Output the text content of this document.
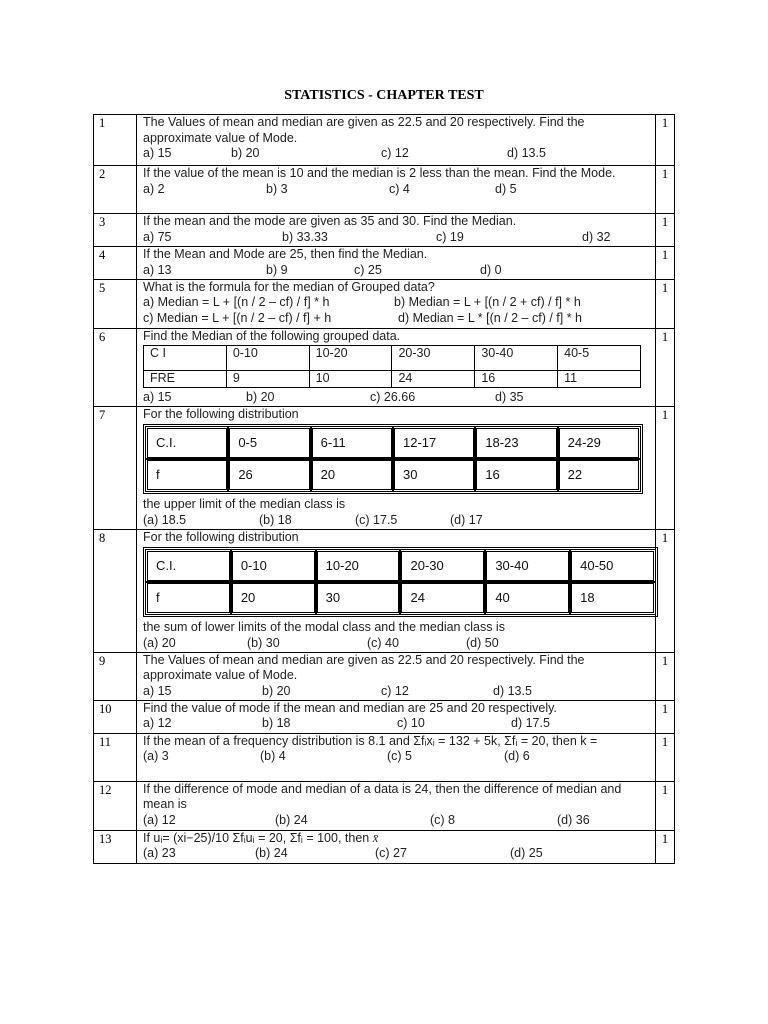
STATISTICS - CHAPTER TEST
1	The Values of mean and median are given as 22.5 and 20 respectively. Find the approximate value of Mode.
a) 15	b) 20	c) 12	d) 13.5
	1
2	If the value of the mean is 10 and the median is 2 less than the mean. Find the Mode.
a) 2	b) 3	c) 4	d) 5
	1
3	If the mean and the mode are given as 35 and 30. Find the Median.
a) 75	b) 33.33	c) 19	d) 32
	1
4	If the Mean and Mode are 25, then find the Median.
a) 13	b) 9	c) 25	d) 0
	1
5	What is the formula for the median of Grouped data?
a) Median = L + [(n / 2 – cf) / f] * h	b) Median = L + [(n / 2 + cf) / f] * h
c) Median = L + [(n / 2 – cf) / f] + h	d) Median = L * [(n / 2 – cf) / f] * h
	1
6	Find the Median of the following grouped data.
C I	0-10	10-20	20-30	30-40	40-5
FRE	9	10	24	16	11
a) 15	b) 20	c) 26.66	d) 35
	1
7	For the following distribution
C.I.	0-5	6-11	12-17	18-23	24-29
f	26	20	30	16	22
the upper limit of the median class is
(a) 18.5	(b) 18	(c) 17.5	(d) 17
	1
8	For the following distribution
C.I.	0-10	10-20	20-30	30-40	40-50
f	20	30	24	40	18
the sum of lower limits of the modal class and the median class is
(a) 20	(b) 30	(c) 40	(d) 50
	1
9	The Values of mean and median are given as 22.5 and 20 respectively. Find the approximate value of Mode.
a) 15	b) 20	c) 12	d) 13.5
	1
10	Find the value of mode if the mean and median are 25 and 20 respectively.
a) 12	b) 18	c) 10	d) 17.5
	1
11	If the mean of a frequency distribution is 8.1 and Σfᵢxᵢ = 132 + 5k, Σfᵢ = 20, then k =
(a) 3	(b) 4	(c) 5	(d) 6
	1
12	If the difference of mode and median of a data is 24, then the difference of median and mean is
(a) 12	(b) 24	(c) 8	(d) 36
	1
13	If uᵢ= (xi−25)/10 Σfᵢuᵢ = 20, Σfᵢ = 100, then x̄
(a) 23	(b) 24	(c) 27	(d) 25
	1
